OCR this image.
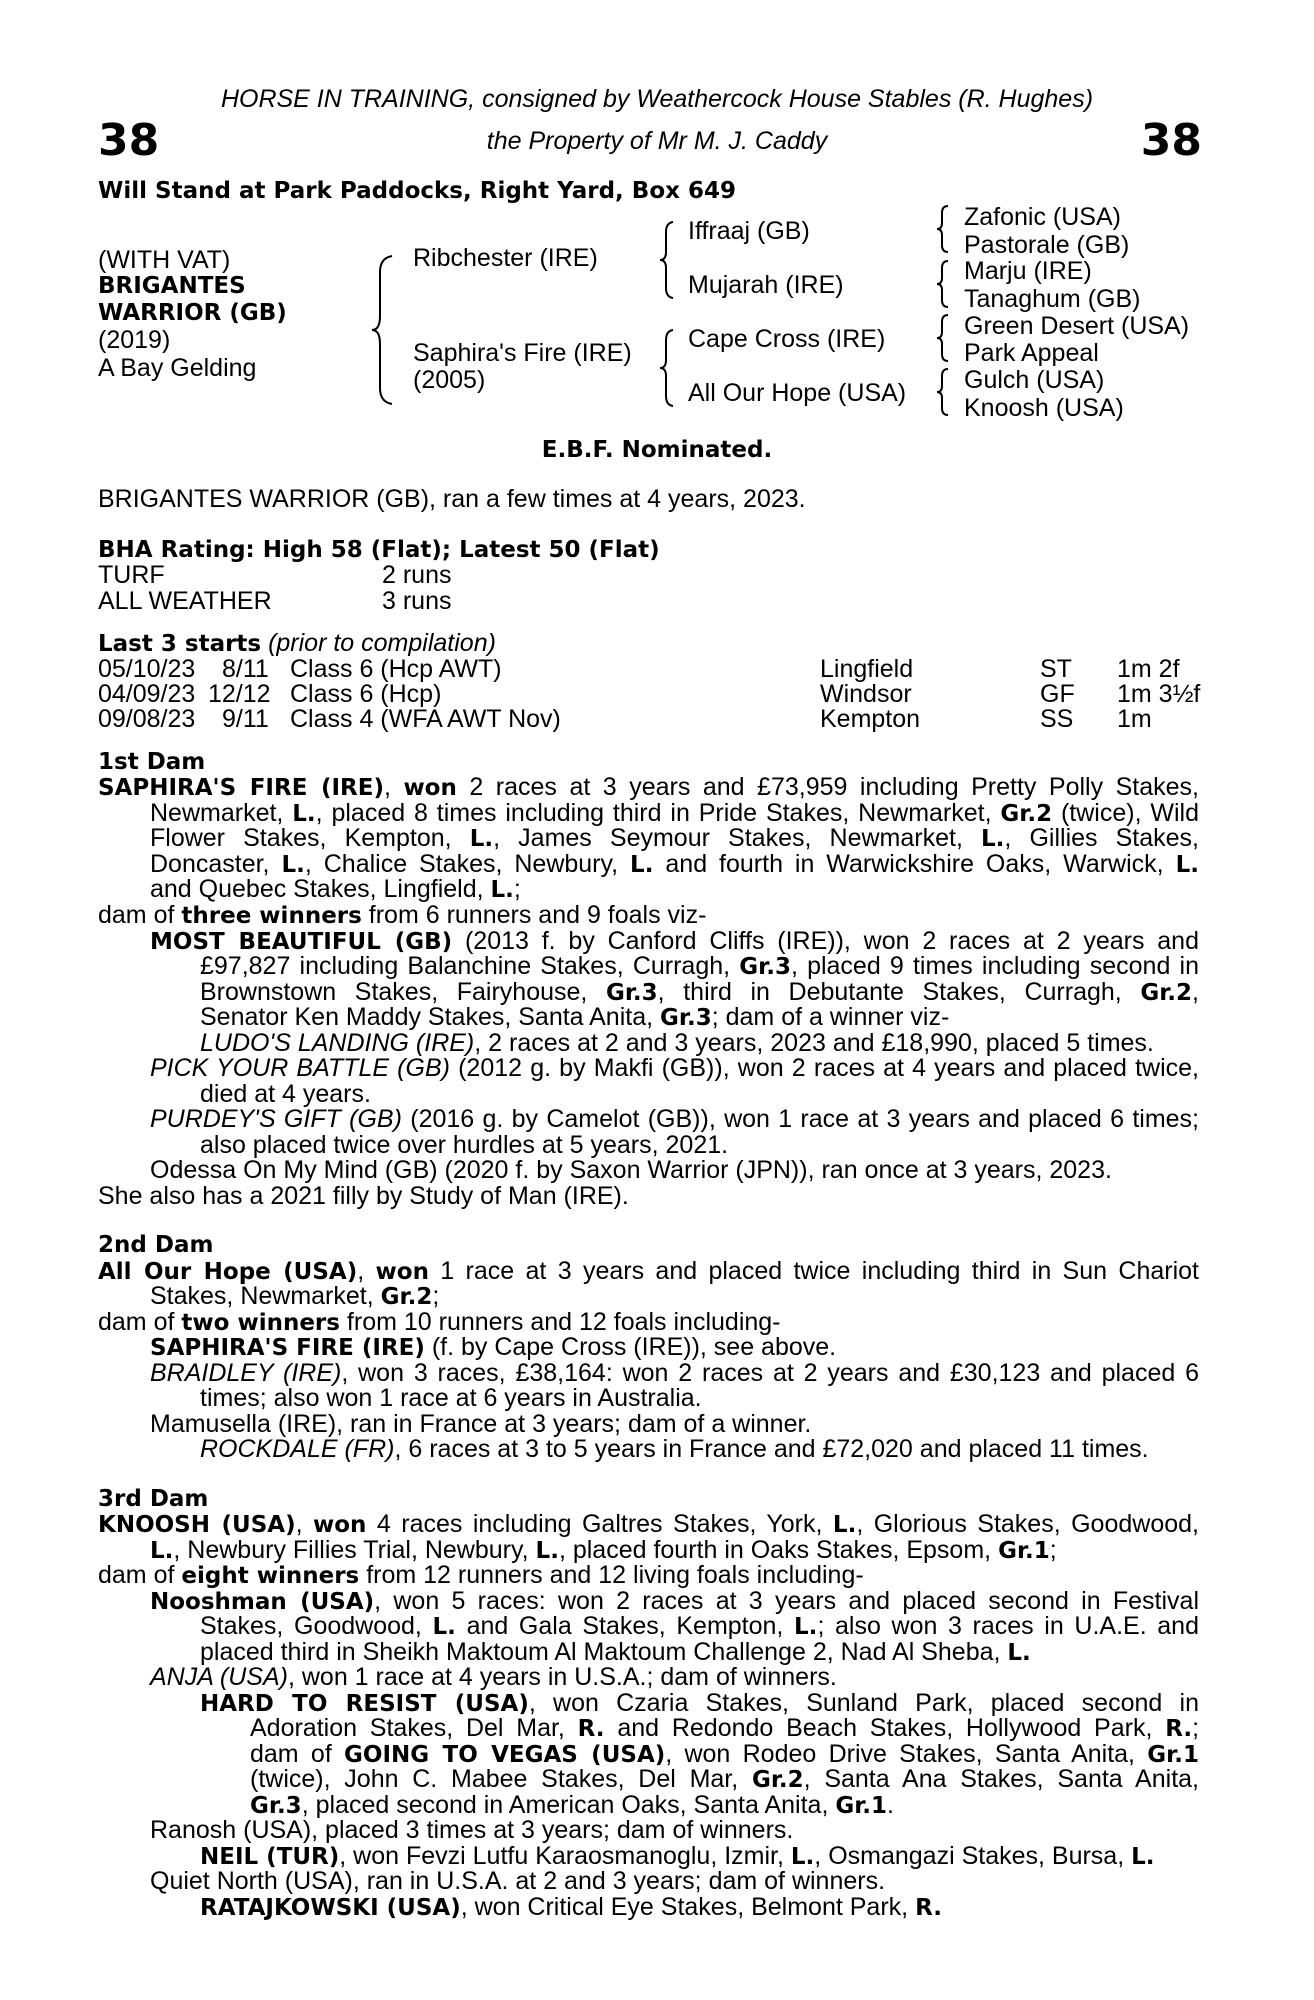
HORSE IN TRAINING, consigned by Weathercock House Stables (R. Hughes)
38	the Property of Mr M. J. Caddy	38
Will Stand at Park Paddocks, Right Yard, Box 649
(WITH VAT)
BRIGANTES
WARRIOR (GB)
(2019)
A Bay Gelding
Ribchester (IRE)
Saphira's Fire (IRE)
(2005)
Iffraaj (GB)
Mujarah (IRE)
Cape Cross (IRE)
All Our Hope (USA)
Zafonic (USA)
Pastorale (GB)
Marju (IRE)
Tanaghum (GB)
Green Desert (USA)
Park Appeal
Gulch (USA)
Knoosh (USA)
E.B.F. Nominated.
BRIGANTES WARRIOR (GB), ran a few times at 4 years, 2023.
BHA Rating: High 58 (Flat); Latest 50 (Flat)
TURF	2 runs
ALL WEATHER	3 runs
Last 3 starts (prior to compilation)
05/10/23 8/11 Class 6 (Hcp AWT)	Lingfield	ST 1m 2f
04/09/23 12/12 Class 6 (Hcp)	Windsor	GF 1m 3½f
09/08/23 9/11 Class 4 (WFA AWT Nov)	Kempton	SS 1m
1st Dam
SAPHIRA'S FIRE (IRE), won 2 races at 3 years and £73,959 including Pretty Polly Stakes,
Newmarket, L., placed 8 times including third in Pride Stakes, Newmarket, Gr.2 (twice), Wild
Flower Stakes, Kempton, L., James Seymour Stakes, Newmarket, L., Gillies Stakes,
Doncaster, L., Chalice Stakes, Newbury, L. and fourth in Warwickshire Oaks, Warwick, L.
and Quebec Stakes, Lingfield, L.;
dam of three winners from 6 runners and 9 foals viz-
MOST BEAUTIFUL (GB) (2013 f. by Canford Cliffs (IRE)), won 2 races at 2 years and
£97,827 including Balanchine Stakes, Curragh, Gr.3, placed 9 times including second in
Brownstown Stakes, Fairyhouse, Gr.3, third in Debutante Stakes, Curragh, Gr.2,
Senator Ken Maddy Stakes, Santa Anita, Gr.3; dam of a winner viz-
LUDO'S LANDING (IRE), 2 races at 2 and 3 years, 2023 and £18,990, placed 5 times.
PICK YOUR BATTLE (GB) (2012 g. by Makfi (GB)), won 2 races at 4 years and placed twice,
died at 4 years.
PURDEY'S GIFT (GB) (2016 g. by Camelot (GB)), won 1 race at 3 years and placed 6 times;
also placed twice over hurdles at 5 years, 2021.
Odessa On My Mind (GB) (2020 f. by Saxon Warrior (JPN)), ran once at 3 years, 2023.
She also has a 2021 filly by Study of Man (IRE).
2nd Dam
All Our Hope (USA), won 1 race at 3 years and placed twice including third in Sun Chariot
Stakes, Newmarket, Gr.2;
dam of two winners from 10 runners and 12 foals including-
SAPHIRA'S FIRE (IRE) (f. by Cape Cross (IRE)), see above.
BRAIDLEY (IRE), won 3 races, £38,164: won 2 races at 2 years and £30,123 and placed 6
times; also won 1 race at 6 years in Australia.
Mamusella (IRE), ran in France at 3 years; dam of a winner.
ROCKDALE (FR), 6 races at 3 to 5 years in France and £72,020 and placed 11 times.
3rd Dam
KNOOSH (USA), won 4 races including Galtres Stakes, York, L., Glorious Stakes, Goodwood,
L., Newbury Fillies Trial, Newbury, L., placed fourth in Oaks Stakes, Epsom, Gr.1;
dam of eight winners from 12 runners and 12 living foals including-
Nooshman (USA), won 5 races: won 2 races at 3 years and placed second in Festival
Stakes, Goodwood, L. and Gala Stakes, Kempton, L.; also won 3 races in U.A.E. and
placed third in Sheikh Maktoum Al Maktoum Challenge 2, Nad Al Sheba, L.
ANJA (USA), won 1 race at 4 years in U.S.A.; dam of winners.
HARD TO RESIST (USA), won Czaria Stakes, Sunland Park, placed second in
Adoration Stakes, Del Mar, R. and Redondo Beach Stakes, Hollywood Park, R.;
dam of GOING TO VEGAS (USA), won Rodeo Drive Stakes, Santa Anita, Gr.1
(twice), John C. Mabee Stakes, Del Mar, Gr.2, Santa Ana Stakes, Santa Anita,
Gr.3, placed second in American Oaks, Santa Anita, Gr.1.
Ranosh (USA), placed 3 times at 3 years; dam of winners.
NEIL (TUR), won Fevzi Lutfu Karaosmanoglu, Izmir, L., Osmangazi Stakes, Bursa, L.
Quiet North (USA), ran in U.S.A. at 2 and 3 years; dam of winners.
RATAJKOWSKI (USA), won Critical Eye Stakes, Belmont Park, R.
